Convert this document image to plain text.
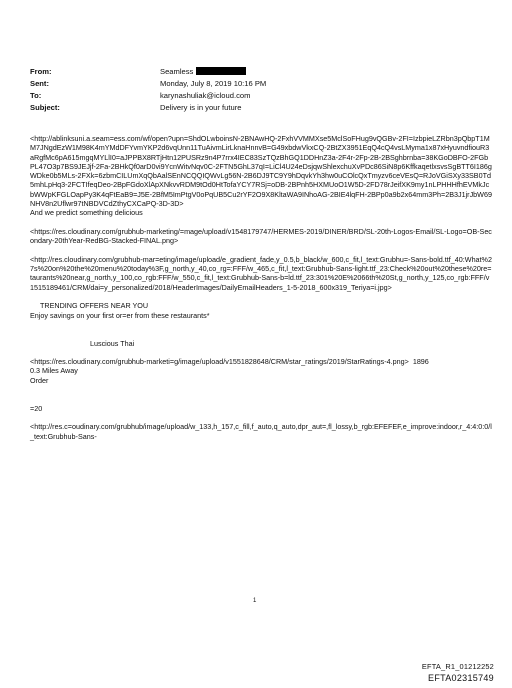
From:	Seamless
Sent:	Monday, July 8, 2019 10:16 PM
To:	karynashuliak@icloud.com
Subject:	Delivery is in your future

<http://ablinksuni.a.seam=ess.com/wf/open?upn=ShdOLwboinsN-2BNAwHQ-2FxhVVMMXse5MclSoFHug9vQGBv-2FI=IzbpieLZRbn3pQbpT1MM7JNgdEzW1M98K4mYMdDFYvmYKP2d6vqUnn11TuAivmLirLknaHnnvB=G49xbdwVkxCQ-2BtZX3951EqQ4cQ4vsLMyma1x87xHyuvndfiouR3aRgfMc6pA615mgqMYLlI0=aJPPBX8RTjHtn12PUSRz9n4P7rrx4IEC83SzTQzBhGQ1DDHnZ3a-2F4r-2Fp-2B-2BSghbrnba=38KGoDBFO-2FGbPL47O3p7BS9JEJjf-2Fa-2BHkQf0arD0vi9YcnWitvNqv0C-2FTN5GhL37qI=LiCl4U24eDsjqwShlexchuXvPDc86SiN8p6KffkaqetlxsvsSgBTT6I186gWDke0b5MLs-2FXk=6zbmCILUmXqQbAalSEnNCQQIQWvLg56N-2B6DJ9TC9Y9hDqvkYh3hw0uCOlcQxTmyzv6ceVEsQ=RJoVGiSXy33SB0Td5mhLpHq3-2FCTIfeqDeo-2BpFGdoXlApXNkvvRDM9tOd0HtTofaYCY7RSj=oDB-2BPnh5HXMUoO1W5D-2FD78rJeifXK9my1nLPHHHfhEVMkJcbWWpKFGLOapPy3K4qFtEaB9=J5E-2BfM5ImPtgV0oPqUB5Cu2rYF2O9X8KltaWA9INhoAG-2BIE4lqFH-2BPp0a9b2x64mm3Ph=2B3J1jrJbW69NHV8n2Uflwr97tNBDVCdZthyCXCaPQ-3D-3D>

And we predict something delicious

<https://res.cloudinary.com/grubhub-marketing/=mage/upload/v1548179747/HERMES-2019/DINER/BRD/SL-20th-Logos-Email/SL-Logo=OB-Secondary-20thYear-RedBG-Stacked-FINAL.png>

<http://res.cloudinary.com/grubhub-mar=eting/image/upload/e_gradient_fade,y_0.5,b_black/w_600,c_fit,l_text:Grubhu=-Sans-bold.ttf_40:What%27s%20on%20the%20menu%20today%3F,g_north,y_40,co_rg=:FFF/w_465,c_fit,l_text:Grubhub-Sans-light.ttf_23:Check%20out%20these%20re=taurants%20near,g_north,y_100,co_rgb:FFF/w_550,c_fit,l_text:Grubhub-Sans-b=ld.ttf_23:301%20E%2066th%20St,g_north,y_125,co_rgb:FFF/v1515189461/CRM/dai=y_personalized/2018/HeaderImages/DailyEmailHeaders_1-5-2018_600x319_Teriya=i.jpg>

TRENDING OFFERS NEAR YOU

Enjoy savings on your first or=er from these restaurants*

Luscious Thai

<https://res.cloudinary.com/grubhub-marketi=g/image/upload/v1551828648/CRM/star_ratings/2019/StarRatings-4.png>  1896

0.3 Miles Away

Order

=20

<http://res.c=oudinary.com/grubhub/image/upload/w_133,h_157,c_fill,f_auto,q_auto,dpr_aut=,fl_lossy,b_rgb:EFEFEF,e_improve:indoor,r_4:4:0:0/l_text:Grubhub-Sans-

1
EFTA_R1_01212252
EFTA02315749
